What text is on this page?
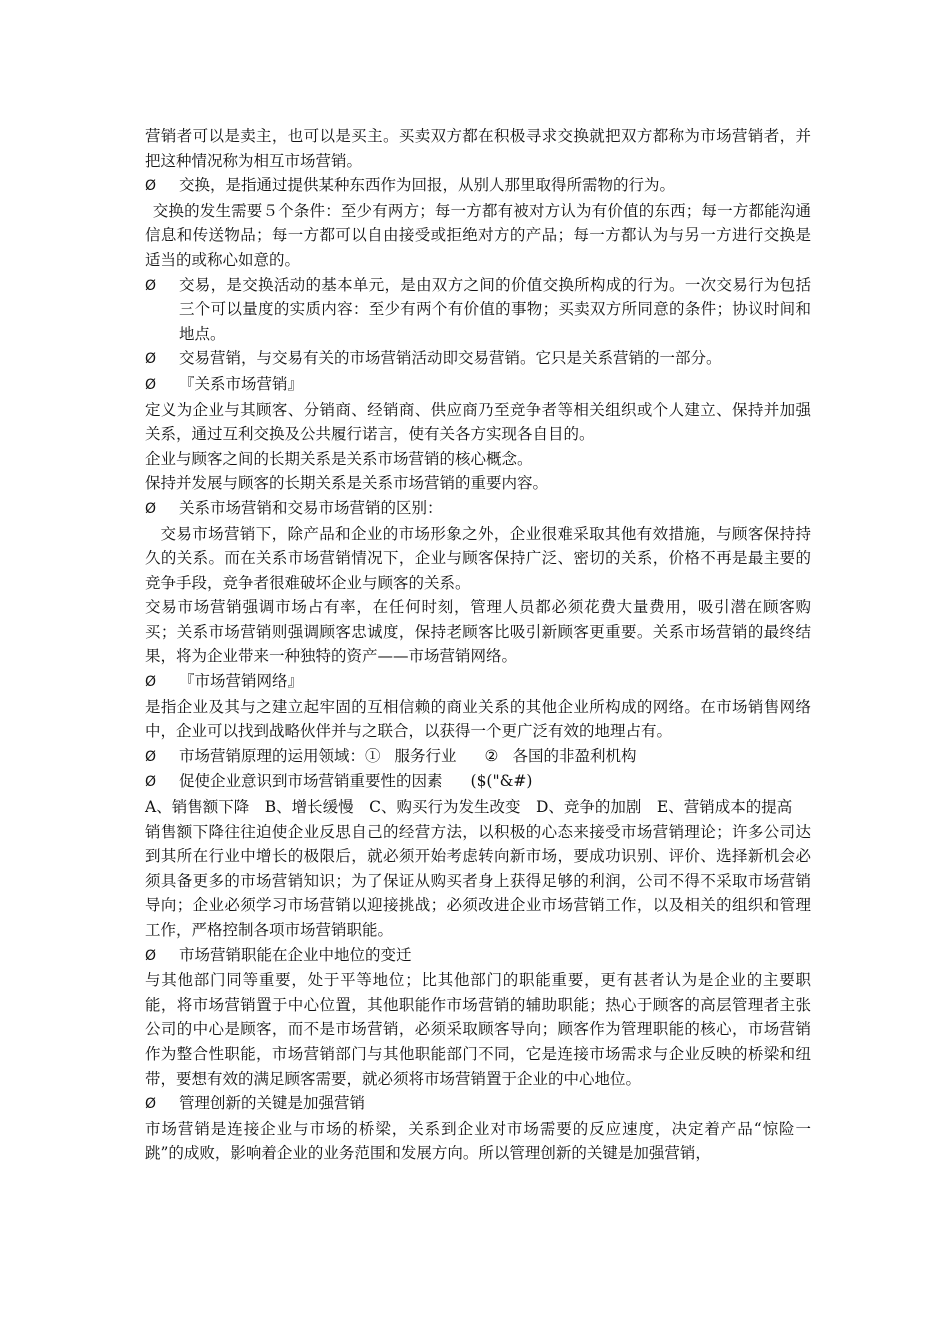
营销者可以是卖主，也可以是买主。买卖双方都在积极寻求交换就把双方都称为市场营销者，并把这种情况称为相互市场营销。

Ø	交换，是指通过提供某种东西作为回报，从别人那里取得所需物的行为。

交换的发生需要５个条件：至少有两方；每一方都有被对方认为有价值的东西；每一方都能沟通信息和传送物品；每一方都可以自由接受或拒绝对方的产品；每一方都认为与另一方进行交换是适当的或称心如意的。

Ø	交易，是交换活动的基本单元，是由双方之间的价值交换所构成的行为。一次交易行为包括三个可以量度的实质内容：至少有两个有价值的事物；买卖双方所同意的条件；协议时间和地点。
Ø	交易营销，与交易有关的市场营销活动即交易营销。它只是关系营销的一部分。
Ø	『关系市场营销』

定义为企业与其顾客、分销商、经销商、供应商乃至竞争者等相关组织或个人建立、保持并加强关系，通过互利交换及公共履行诺言，使有关各方实现各自目的。

企业与顾客之间的长期关系是关系市场营销的核心概念。

保持并发展与顾客的长期关系是关系市场营销的重要内容。

Ø	关系市场营销和交易市场营销的区别：

交易市场营销下，除产品和企业的市场形象之外，企业很难采取其他有效措施，与顾客保持持久的关系。而在关系市场营销情况下，企业与顾客保持广泛、密切的关系，价格不再是最主要的竞争手段，竞争者很难破坏企业与顾客的关系。

交易市场营销强调市场占有率，在任何时刻，管理人员都必须花费大量费用，吸引潜在顾客购买；关系市场营销则强调顾客忠诚度，保持老顾客比吸引新顾客更重要。关系市场营销的最终结果，将为企业带来一种独特的资产——市场营销网络。

Ø	『市场营销网络』

是指企业及其与之建立起牢固的互相信赖的商业关系的其他企业所构成的网络。在市场销售网络中，企业可以找到战略伙伴并与之联合，以获得一个更广泛有效的地理占有。

Ø	市场营销原理的运用领域：① 服务行业 ② 各国的非盈利机构
Ø	促使企业意识到市场营销重要性的因素 ($("&#)

A、销售额下降　B、增长缓慢　C、购买行为发生改变　D、竞争的加剧　E、营销成本的提高

销售额下降往往迫使企业反思自己的经营方法，以积极的心态来接受市场营销理论；许多公司达到其所在行业中增长的极限后，就必须开始考虑转向新市场，要成功识别、评价、选择新机会必须具备更多的市场营销知识；为了保证从购买者身上获得足够的利润，公司不得不采取市场营销导向；企业必须学习市场营销以迎接挑战；必须改进企业市场营销工作，以及相关的组织和管理工作，严格控制各项市场营销职能。

Ø	市场营销职能在企业中地位的变迁

与其他部门同等重要，处于平等地位；比其他部门的职能重要，更有甚者认为是企业的主要职能，将市场营销置于中心位置，其他职能作市场营销的辅助职能；热心于顾客的高层管理者主张公司的中心是顾客，而不是市场营销，必须采取顾客导向；顾客作为管理职能的核心，市场营销作为整合性职能，市场营销部门与其他职能部门不同，它是连接市场需求与企业反映的桥梁和纽带，要想有效的满足顾客需要，就必须将市场营销置于企业的中心地位。

Ø	管理创新的关键是加强营销

市场营销是连接企业与市场的桥梁，关系到企业对市场需要的反应速度，决定着产品“惊险一跳”的成败，影响着企业的业务范围和发展方向。所以管理创新的关键是加强营销，
